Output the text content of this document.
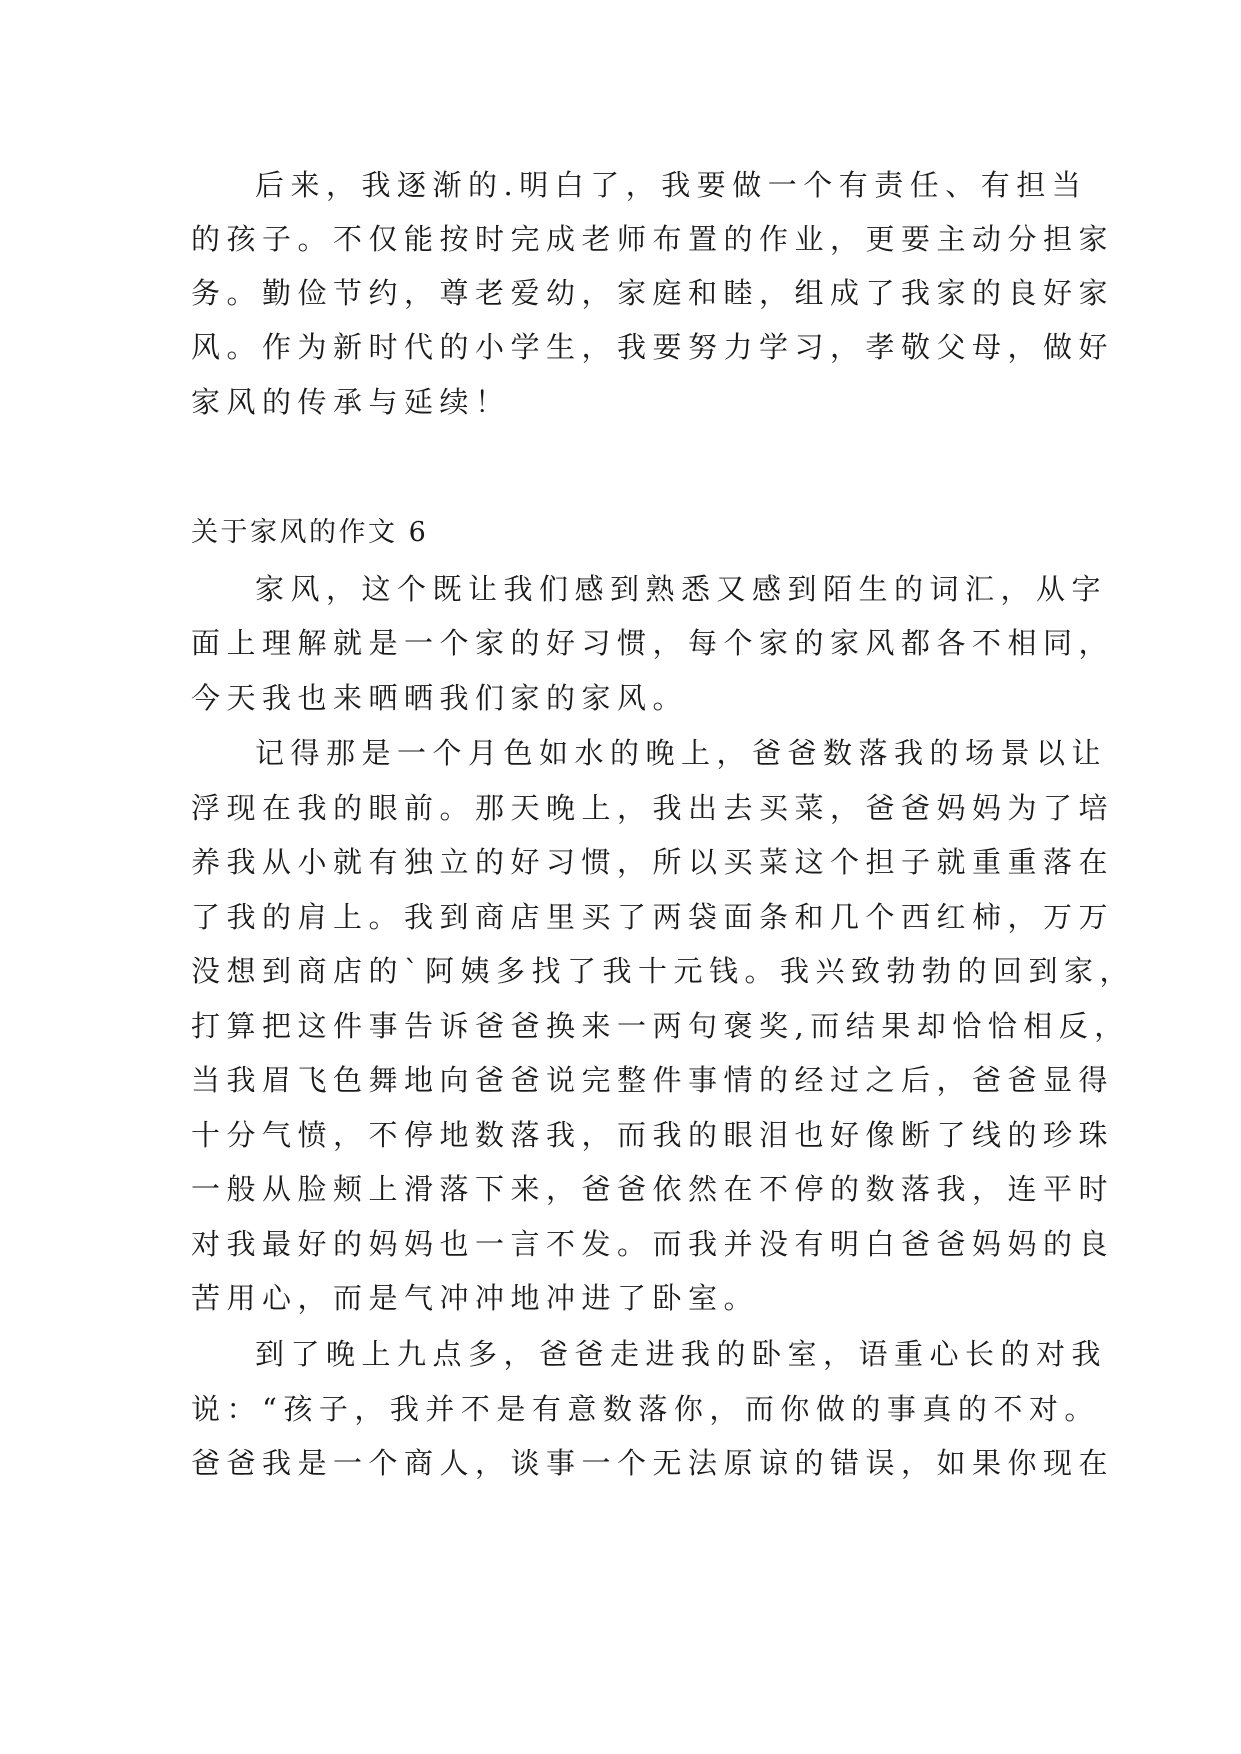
后来，我逐渐的.明白了，我要做一个有责任、有担当
的孩子。不仅能按时完成老师布置的作业，更要主动分担家
务。勤俭节约，尊老爱幼，家庭和睦，组成了我家的良好家
风。作为新时代的小学生，我要努力学习，孝敬父母，做好
家风的传承与延续！
关于家风的作文 6
家风，这个既让我们感到熟悉又感到陌生的词汇，从字
面上理解就是一个家的好习惯，每个家的家风都各不相同，
今天我也来晒晒我们家的家风。
记得那是一个月色如水的晚上，爸爸数落我的场景以让
浮现在我的眼前。那天晚上，我出去买菜，爸爸妈妈为了培
养我从小就有独立的好习惯，所以买菜这个担子就重重落在
了我的肩上。我到商店里买了两袋面条和几个西红柿，万万
没想到商店的`阿姨多找了我十元钱。我兴致勃勃的回到家，
打算把这件事告诉爸爸换来一两句褒奖,而结果却恰恰相反，
当我眉飞色舞地向爸爸说完整件事情的经过之后，爸爸显得
十分气愤，不停地数落我，而我的眼泪也好像断了线的珍珠
一般从脸颊上滑落下来，爸爸依然在不停的数落我，连平时
对我最好的妈妈也一言不发。而我并没有明白爸爸妈妈的良
苦用心，而是气冲冲地冲进了卧室。
到了晚上九点多，爸爸走进我的卧室，语重心长的对我
说：“孩子，我并不是有意数落你，而你做的事真的不对。
爸爸我是一个商人，谈事一个无法原谅的错误，如果你现在
